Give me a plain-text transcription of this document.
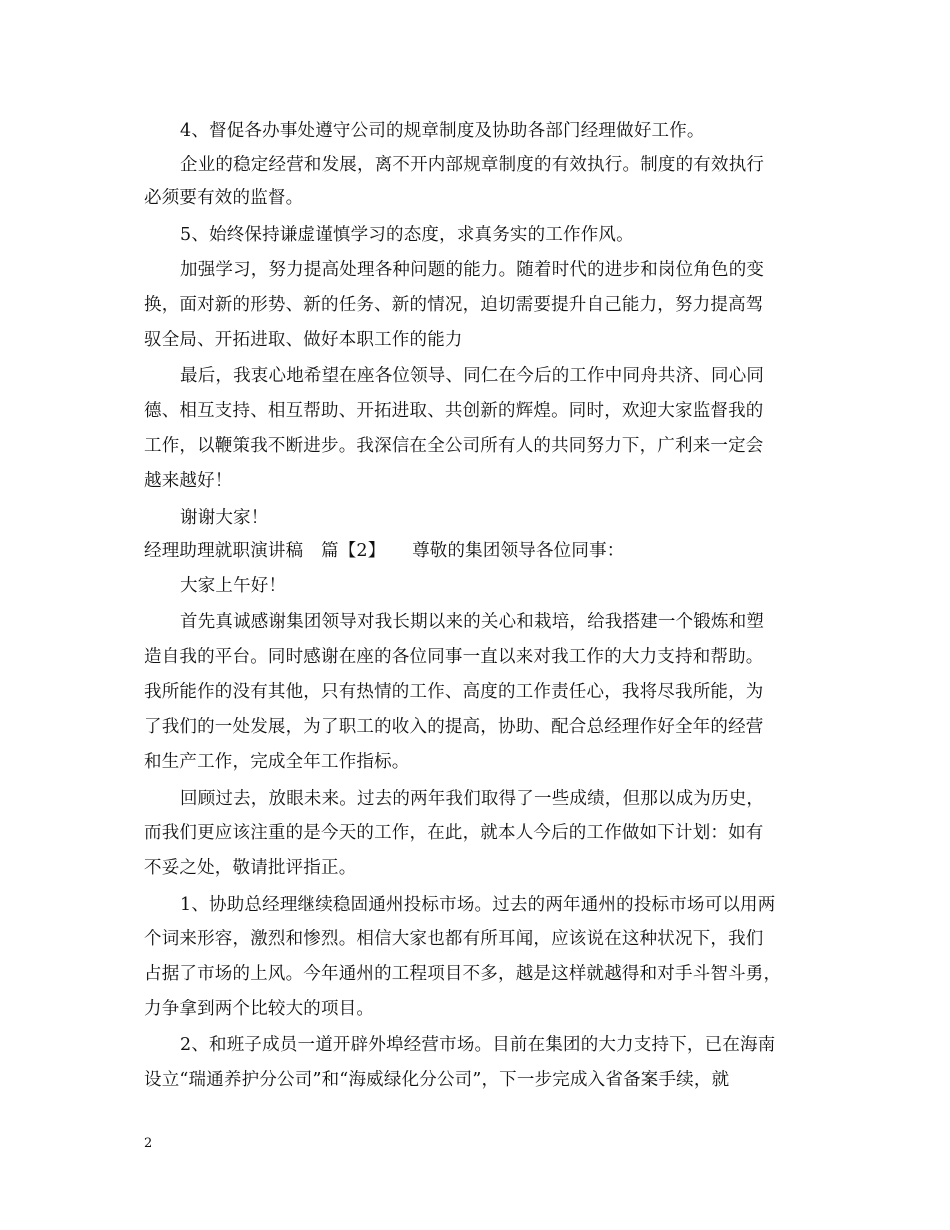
4、督促各办事处遵守公司的规章制度及协助各部门经理做好工作。
企业的稳定经营和发展，离不开内部规章制度的有效执行。制度的有效执行
必须要有效的监督。
5、始终保持谦虚谨慎学习的态度，求真务实的工作作风。
加强学习，努力提高处理各种问题的能力。随着时代的进步和岗位角色的变
换，面对新的形势、新的任务、新的情况，迫切需要提升自己能力，努力提高驾
驭全局、开拓进取、做好本职工作的能力
最后，我衷心地希望在座各位领导、同仁在今后的工作中同舟共济、同心同
德、相互支持、相互帮助、开拓进取、共创新的辉煌。同时，欢迎大家监督我的
工作，以鞭策我不断进步。我深信在全公司所有人的共同努力下，广利来一定会
越来越好！
谢谢大家！
经理助理就职演讲稿　篇【2】　　尊敬的集团领导各位同事：
大家上午好！
首先真诚感谢集团领导对我长期以来的关心和栽培，给我搭建一个锻炼和塑
造自我的平台。同时感谢在座的各位同事一直以来对我工作的大力支持和帮助。
我所能作的没有其他，只有热情的工作、高度的工作责任心，我将尽我所能，为
了我们的一处发展，为了职工的收入的提高，协助、配合总经理作好全年的经营
和生产工作，完成全年工作指标。
回顾过去，放眼未来。过去的两年我们取得了一些成绩，但那以成为历史，
而我们更应该注重的是今天的工作，在此，就本人今后的工作做如下计划：如有
不妥之处，敬请批评指正。
1、协助总经理继续稳固通州投标市场。过去的两年通州的投标市场可以用两
个词来形容，激烈和惨烈。相信大家也都有所耳闻，应该说在这种状况下，我们
占据了市场的上风。今年通州的工程项目不多，越是这样就越得和对手斗智斗勇，
力争拿到两个比较大的项目。
2、和班子成员一道开辟外埠经营市场。目前在集团的大力支持下，已在海南
设立“瑞通养护分公司”和“海威绿化分公司”，下一步完成入省备案手续，就
2
